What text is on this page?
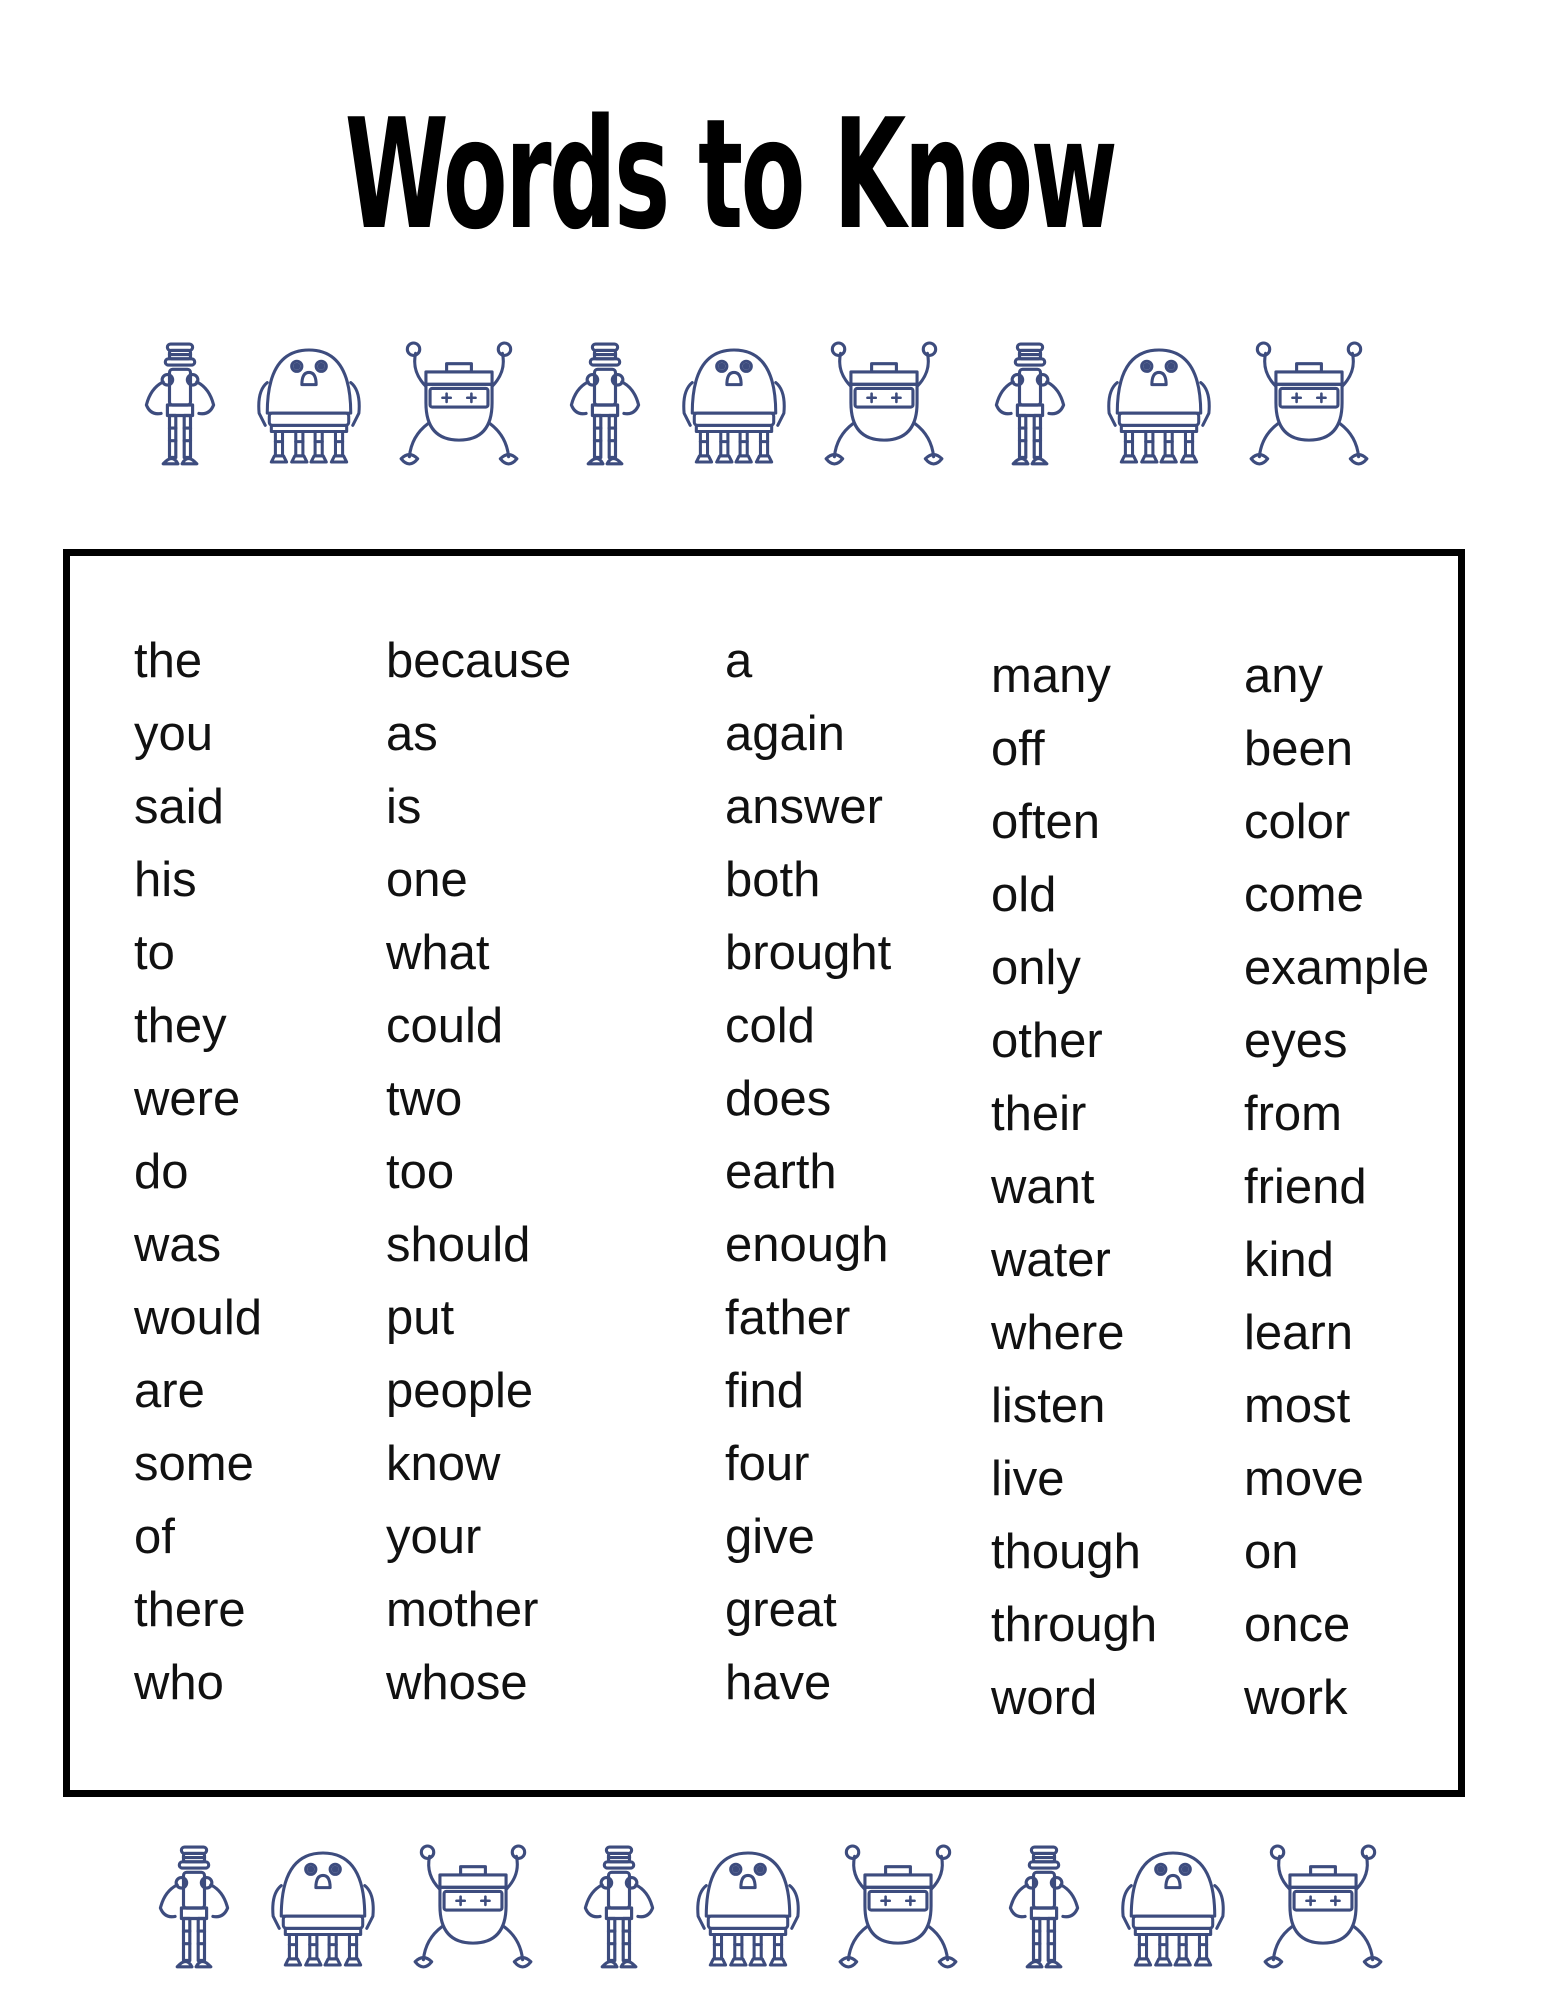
Words to Know
the
you
said
his
to
they
were
do
was
would
are
some
of
there
who
because
as
is
one
what
could
two
too
should
put
people
know
your
mother
whose
a
again
answer
both
brought
cold
does
earth
enough
father
find
four
give
great
have
many
off
often
old
only
other
their
want
water
where
listen
live
though
through
word
any
been
color
come
example
eyes
from
friend
kind
learn
most
move
on
once
work
